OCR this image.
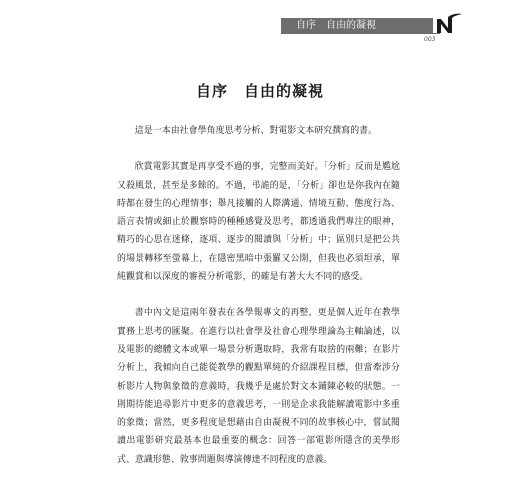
自序　自由的凝視
003
自序　自由的凝視

這是一本由社會學角度思考分析、對電影文本研究撰寫的書。

欣賞電影其實是再享受不過的事，完整而美好。「分析」反而是尷尬又殺風景，甚至是多餘的。不過，弔詭的是，「分析」卻也是你我內在隨時都在發生的心理情事；舉凡接觸的人際溝通、情境互動、態度行為、語言表情或細止於觀察時的種種感覺及思考，都透過我們專注的眼神，精巧的心思在迷條，逐項、逐步的閱讀與「分析」中；區別只是把公共的場景轉移至螢幕上，在隱密黑暗中張羅又公開，但我也必須坦承，單純觀賞和以深度的審視分析電影，的確是有著大大不同的感受。

書中內文是這兩年發表在各學報專文的再整，更是個人近年在教學實務上思考的匯聚。在進行以社會學及社會心理學理論為主軸論述，以及電影的總體文本或單一場景分析選取時，我常有取捨的兩難；在影片分析上，我傾向自己能從教學的觀點單純的介紹課程目標，但當牽涉分析影片人物與象徵的意義時，我幾乎是處於對文本鋪陳必較的狀態。一則期待能追尋影片中更多的意義思考，一則是企求我能解讀電影中多重的象徵；當然，更多程度是想藉由自由凝視不同的故事核心中，嘗試閱讀出電影研究最基本也最重要的概念：回答一部電影所隱含的美學形式、意識形態、敘事問題與導演傳達不同程度的意義。
